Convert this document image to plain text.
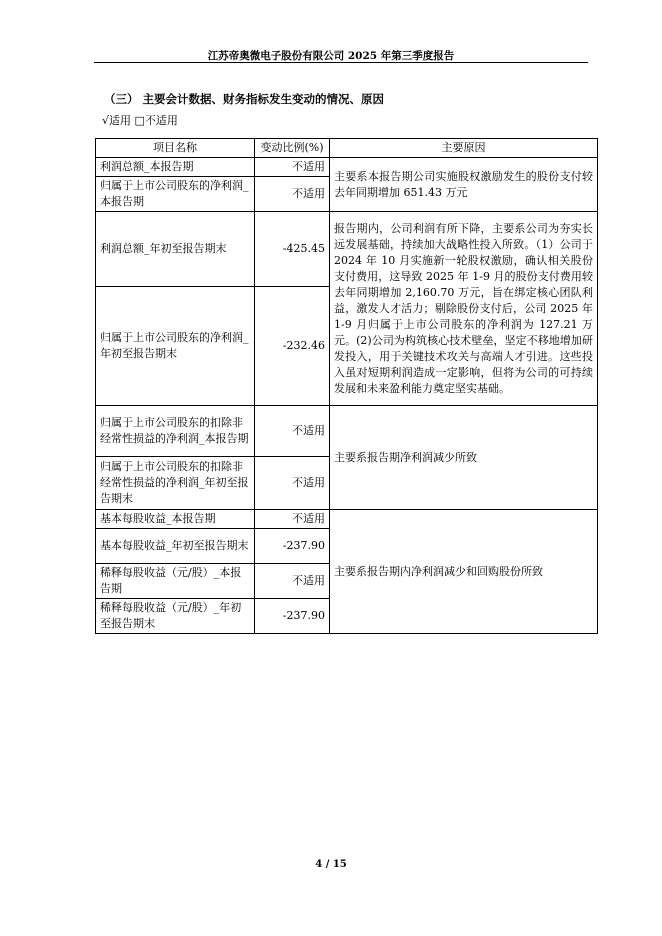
江苏帝奥微电子股份有限公司 2025 年第三季度报告
（三） 主要会计数据、财务指标发生变动的情况、原因
√适用 □不适用
项目名称	变动比例(%)	主要原因
利润总额_本报告期	不适用	主要系本报告期公司实施股权激励发生的股份支付较去年同期增加 651.43 万元
归属于上市公司股东的净利润_本报告期	不适用	
利润总额_年初至报告期末	-425.45	报告期内，公司利润有所下降，主要系公司为夯实长远发展基础，持续加大战略性投入所致。（1）公司于 2024 年 10 月实施新一轮股权激励，确认相关股份支付费用，这导致 2025 年 1-9 月的股份支付费用较去年同期增加 2,160.70 万元，旨在绑定核心团队利益，激发人才活力；剔除股份支付后，公司 2025 年 1-9 月归属于上市公司股东的净利润为 127.21 万元。(2)公司为构筑核心技术壁垒，坚定不移地增加研发投入，用于关键技术攻关与高端人才引进。这些投入虽对短期利润造成一定影响，但将为公司的可持续发展和未来盈利能力奠定坚实基础。
归属于上市公司股东的净利润_年初至报告期末	-232.46	
归属于上市公司股东的扣除非经常性损益的净利润_本报告期	不适用	主要系报告期净利润减少所致
归属于上市公司股东的扣除非经常性损益的净利润_年初至报告期末	不适用	
基本每股收益_本报告期	不适用	主要系报告期内净利润减少和回购股份所致
基本每股收益_年初至报告期末	-237.90	
稀释每股收益（元/股）_本报告期	不适用	
稀释每股收益（元/股）_年初至报告期末	-237.90	
4 / 15
